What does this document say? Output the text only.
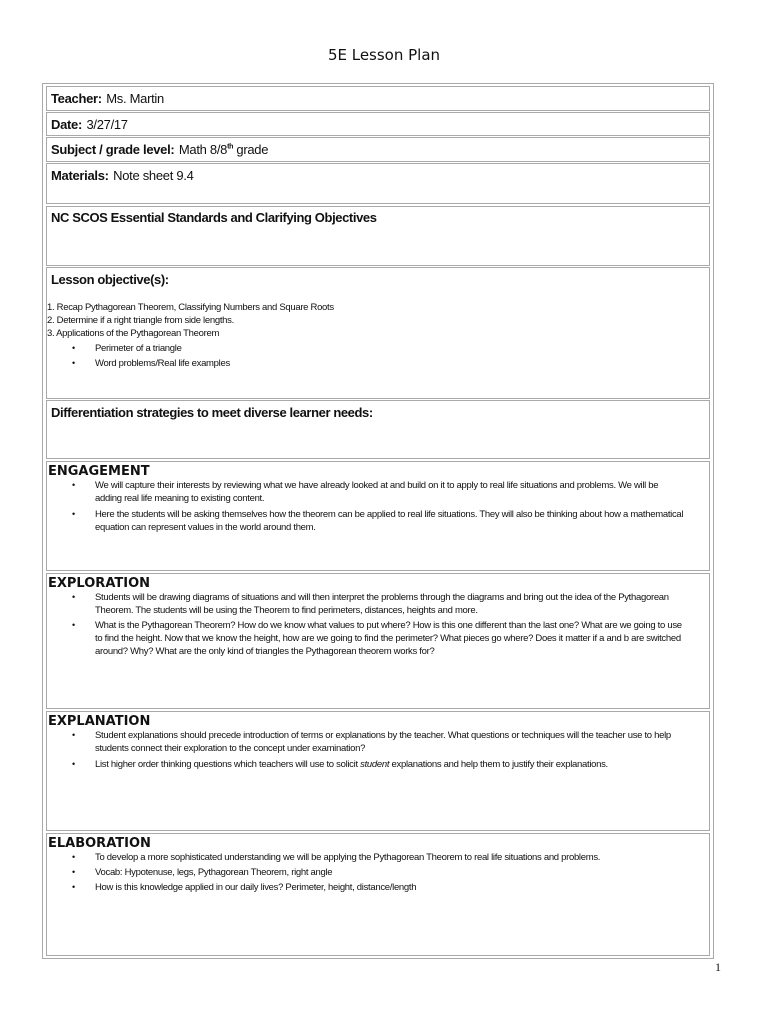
5E Lesson Plan
Teacher: Ms. Martin
Date: 3/27/17
Subject / grade level: Math 8/8th grade
Materials: Note sheet 9.4
NC SCOS Essential Standards and Clarifying Objectives
Lesson objective(s):
1. Recap Pythagorean Theorem, Classifying Numbers and Square Roots
2. Determine if a right triangle from side lengths.
3. Applications of the Pythagorean Theorem
• Perimeter of a triangle
• Word problems/Real life examples
Differentiation strategies to meet diverse learner needs:
ENGAGEMENT
• We will capture their interests by reviewing what we have already looked at and build on it to apply to real life situations and problems. We will be
adding real life meaning to existing content.
• Here the students will be asking themselves how the theorem can be applied to real life situations. They will also be thinking about how a mathematical
equation can represent values in the world around them.
EXPLORATION
• Students will be drawing diagrams of situations and will then interpret the problems through the diagrams and bring out the idea of the Pythagorean
Theorem. The students will be using the Theorem to find perimeters, distances, heights and more.
• What is the Pythagorean Theorem? How do we know what values to put where? How is this one different than the last one? What are we going to use
to find the height. Now that we know the height, how are we going to find the perimeter? What pieces go where? Does it matter if a and b are switched
around? Why? What are the only kind of triangles the Pythagorean theorem works for?
EXPLANATION
• Student explanations should precede introduction of terms or explanations by the teacher. What questions or techniques will the teacher use to help
students connect their exploration to the concept under examination?
• List higher order thinking questions which teachers will use to solicit student explanations and help them to justify their explanations.
ELABORATION
• To develop a more sophisticated understanding we will be applying the Pythagorean Theorem to real life situations and problems.
• Vocab: Hypotenuse, legs, Pythagorean Theorem, right angle
• How is this knowledge applied in our daily lives? Perimeter, height, distance/length
1
